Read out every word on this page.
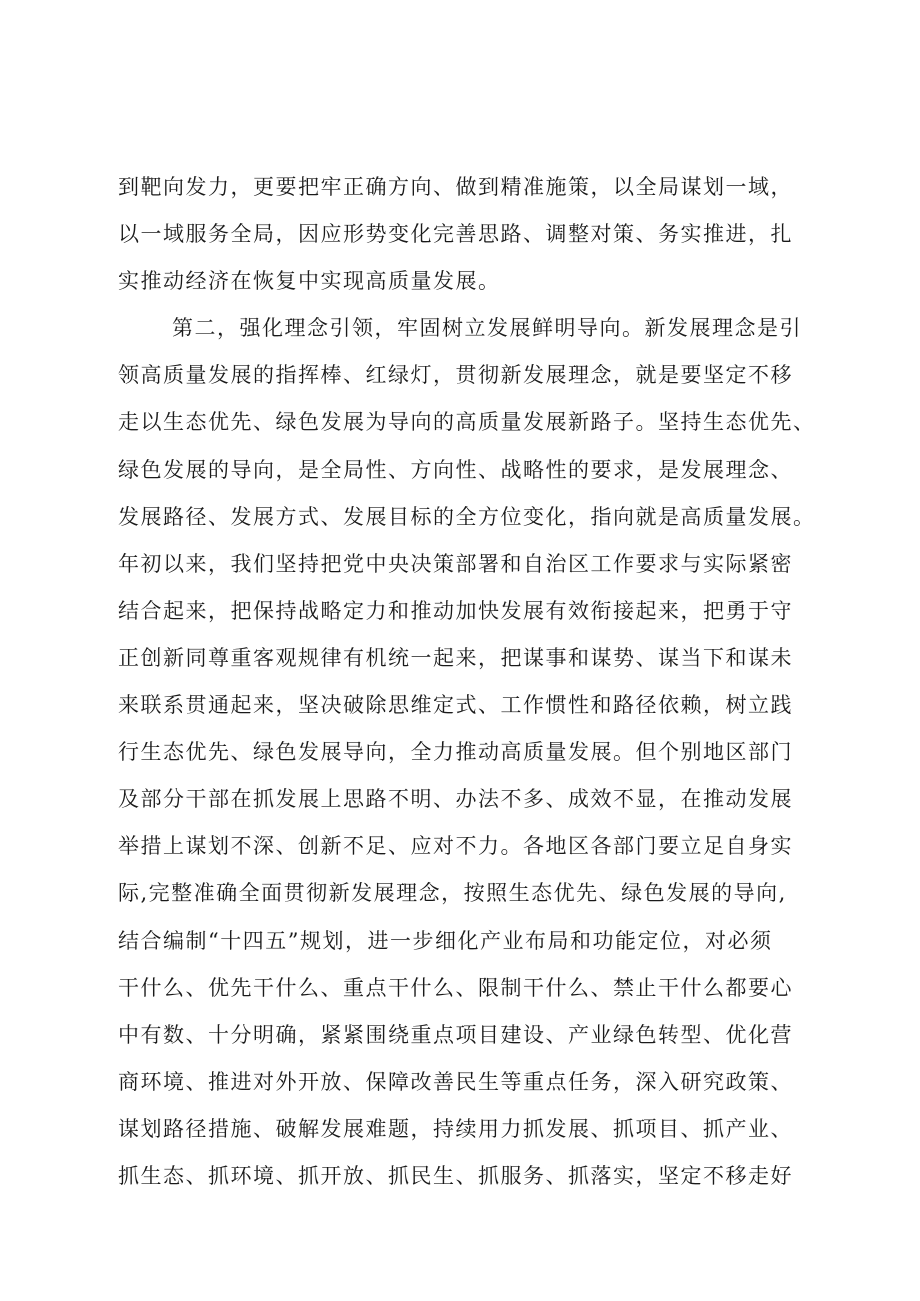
到靶向发力，更要把牢正确方向、做到精准施策，以全局谋划一域，
以一域服务全局，因应形势变化完善思路、调整对策、务实推进，扎
实推动经济在恢复中实现高质量发展。
第二，强化理念引领，牢固树立发展鲜明导向。新发展理念是引
领高质量发展的指挥棒、红绿灯，贯彻新发展理念，就是要坚定不移
走以生态优先、绿色发展为导向的高质量发展新路子。坚持生态优先、
绿色发展的导向，是全局性、方向性、战略性的要求，是发展理念、
发展路径、发展方式、发展目标的全方位变化，指向就是高质量发展。
年初以来，我们坚持把党中央决策部署和自治区工作要求与实际紧密
结合起来，把保持战略定力和推动加快发展有效衔接起来，把勇于守
正创新同尊重客观规律有机统一起来，把谋事和谋势、谋当下和谋未
来联系贯通起来，坚决破除思维定式、工作惯性和路径依赖，树立践
行生态优先、绿色发展导向，全力推动高质量发展。但个别地区部门
及部分干部在抓发展上思路不明、办法不多、成效不显，在推动发展
举措上谋划不深、创新不足、应对不力。各地区各部门要立足自身实
际,完整准确全面贯彻新发展理念，按照生态优先、绿色发展的导向,
结合编制“十四五”规划，进一步细化产业布局和功能定位，对必须
干什么、优先干什么、重点干什么、限制干什么、禁止干什么都要心
中有数、十分明确，紧紧围绕重点项目建设、产业绿色转型、优化营
商环境、推进对外开放、保障改善民生等重点任务，深入研究政策、
谋划路径措施、破解发展难题，持续用力抓发展、抓项目、抓产业、
抓生态、抓环境、抓开放、抓民生、抓服务、抓落实，坚定不移走好
